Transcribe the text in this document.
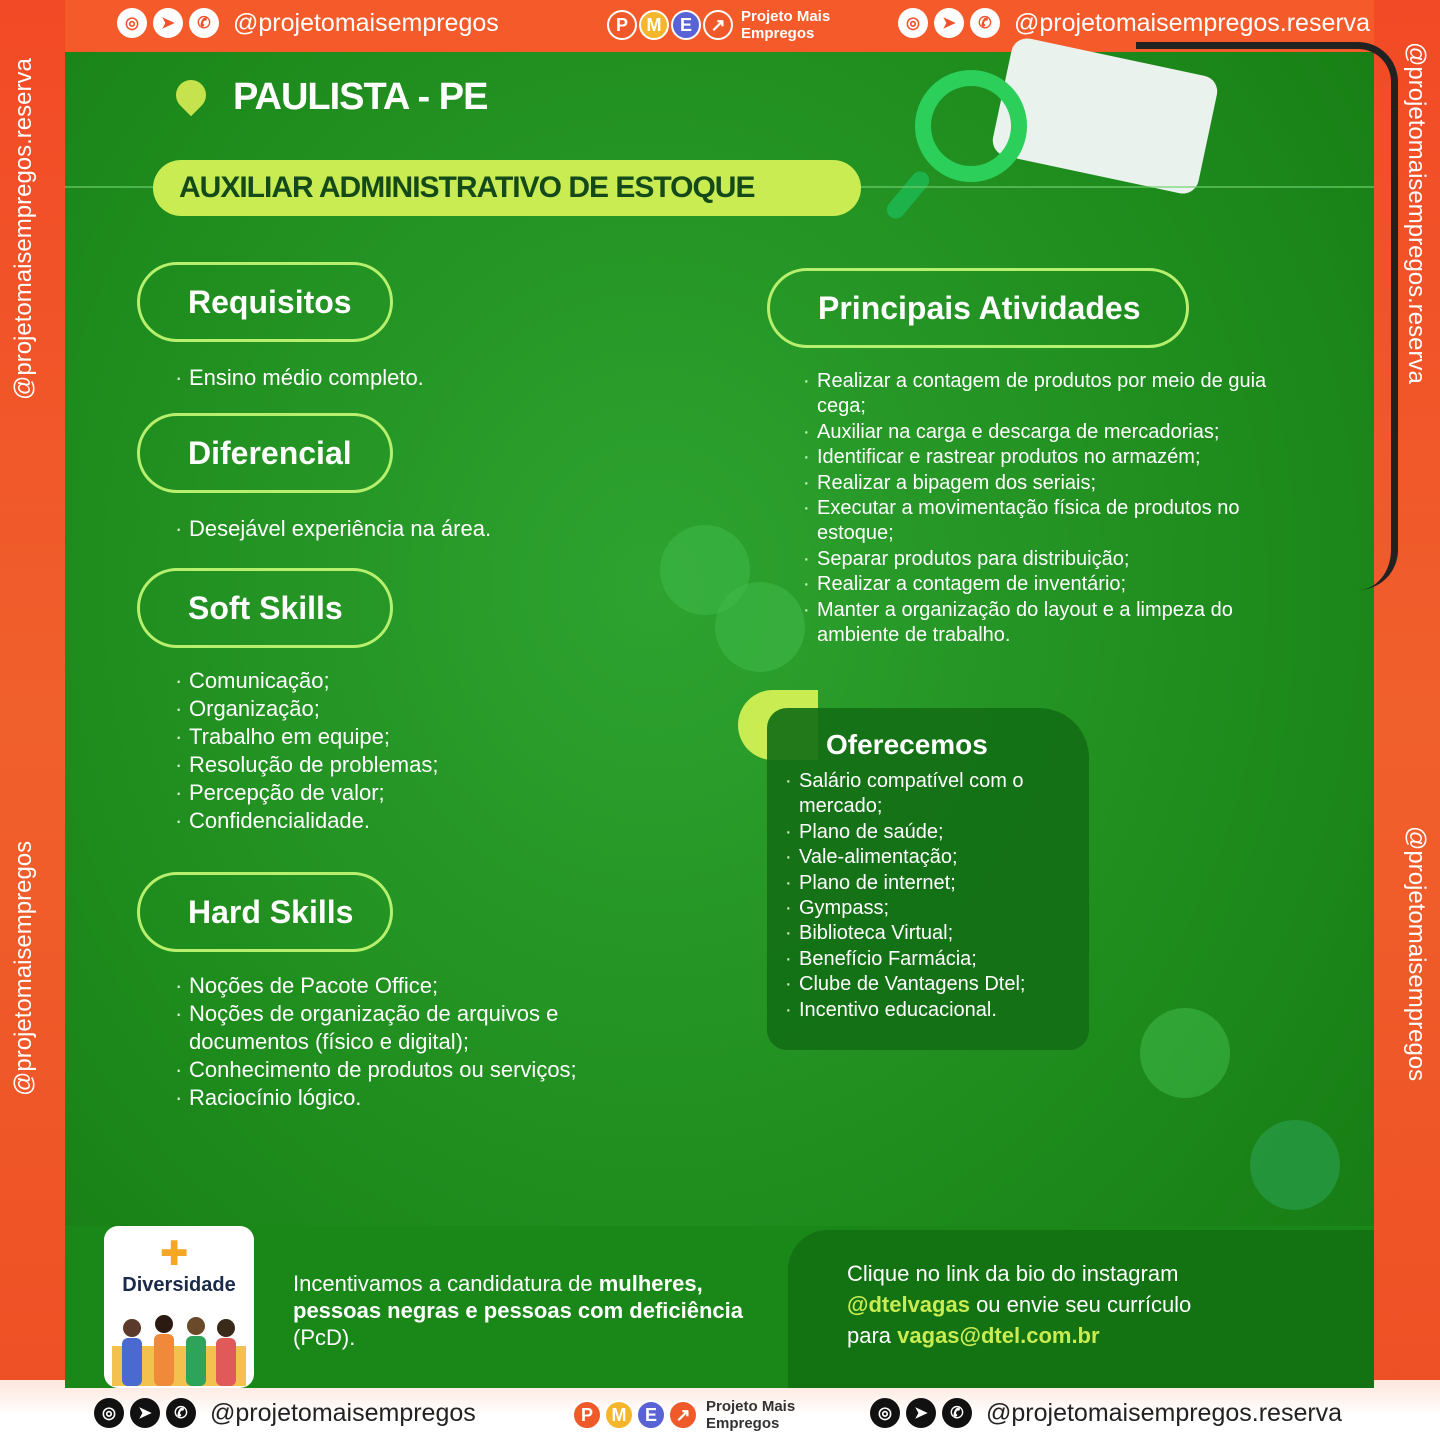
◎	➤	✆ @projetomaisempregos	P	M	E	↗	Projeto Mais
Empregos
◎	➤	✆ @projetomaisempregos.reserva
@projetomaisempregos.reserva
@projetomaisempregos
@projetomaisempregos.reserva
@projetomaisempregos
PAULISTA - PE
AUXILIAR ADMINISTRATIVO DE ESTOQUE
Requisitos
· Ensino médio completo.
Diferencial
· Desejável experiência na área.
Soft Skills
· Comunicação;
· Organização;
· Trabalho em equipe;
· Resolução de problemas;
· Percepção de valor;
· Confidencialidade.
Hard Skills
· Noções de Pacote Office;
· Noções de organização de arquivos e documentos (físico e digital);
· Conhecimento de produtos ou serviços;
· Raciocínio lógico.
Principais Atividades
· Realizar a contagem de produtos por meio de guia cega;
· Auxiliar na carga e descarga de mercadorias;
· Identificar e rastrear produtos no armazém;
· Realizar a bipagem dos seriais;
· Executar a movimentação física de produtos no estoque;
· Separar produtos para distribuição;
· Realizar a contagem de inventário;
· Manter a organização do layout e a limpeza do ambiente de trabalho.
Oferecemos
· Salário compatível com o mercado;
· Plano de saúde;
· Vale-alimentação;
· Plano de internet;
· Gympass;
· Biblioteca Virtual;
· Benefício Farmácia;
· Clube de Vantagens Dtel;
· Incentivo educacional.
✚
Diversidade	Incentivamos a candidatura de mulheres, pessoas negras e pessoas com deficiência (PcD).
Clique no link da bio do instagram
@dtelvagas ou envie seu currículo
para vagas@dtel.com.br
◎	➤	✆ @projetomaisempregos	P	M	E	↗	Projeto Mais
Empregos
◎	➤	✆ @projetomaisempregos.reserva
